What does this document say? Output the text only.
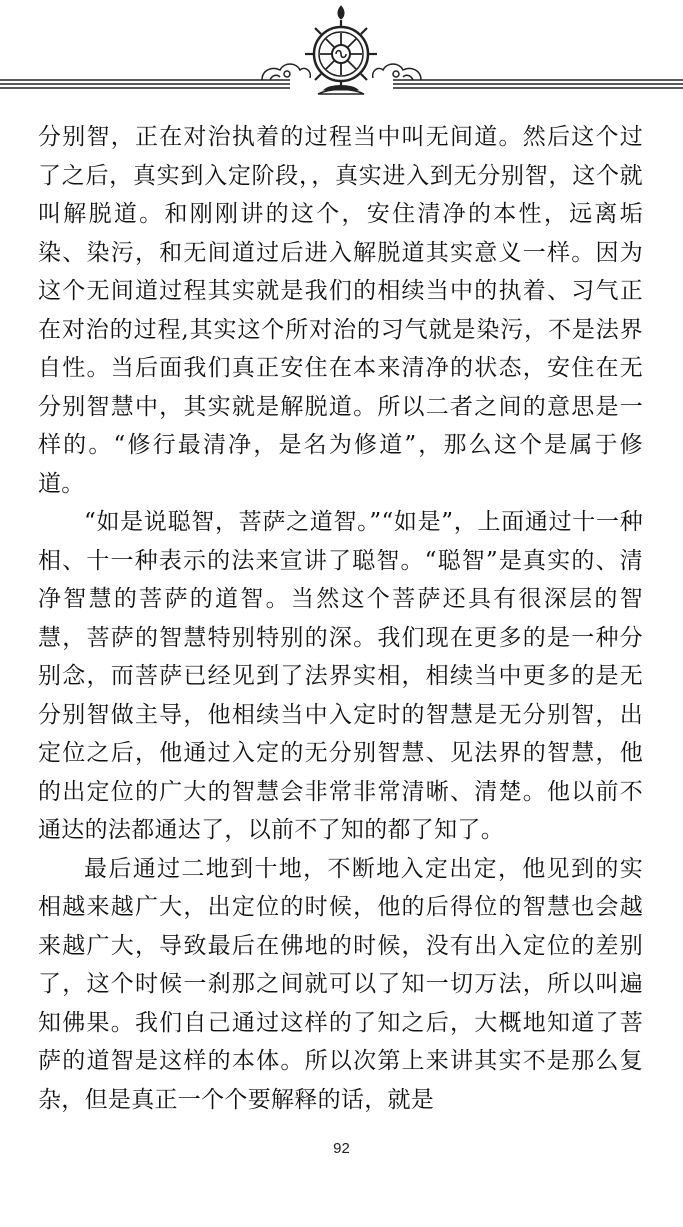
分别智，正在对治执着的过程当中叫无间道。然后这个过了之后，真实到入定阶段，，真实进入到无分别智，这个就叫解脱道。和刚刚讲的这个，安住清净的本性，远离垢染、染污，和无间道过后进入解脱道其实意义一样。因为这个无间道过程其实就是我们的相续当中的执着、习气正在对治的过程,其实这个所对治的习气就是染污，不是法界自性。当后面我们真正安住在本来清净的状态，安住在无分别智慧中，其实就是解脱道。所以二者之间的意思是一样的。“修行最清净，是名为修道”，那么这个是属于修道。

“如是说聪智，菩萨之道智。”“如是”，上面通过十一种相、十一种表示的法来宣讲了聪智。“聪智”是真实的、清净智慧的菩萨的道智。当然这个菩萨还具有很深层的智慧，菩萨的智慧特别特别的深。我们现在更多的是一种分别念，而菩萨已经见到了法界实相，相续当中更多的是无分别智做主导，他相续当中入定时的智慧是无分别智，出定位之后，他通过入定的无分别智慧、见法界的智慧，他的出定位的广大的智慧会非常非常清晰、清楚。他以前不通达的法都通达了，以前不了知的都了知了。

最后通过二地到十地，不断地入定出定，他见到的实相越来越广大，出定位的时候，他的后得位的智慧也会越来越广大，导致最后在佛地的时候，没有出入定位的差别了，这个时候一刹那之间就可以了知一切万法，所以叫遍知佛果。我们自己通过这样的了知之后，大概地知道了菩萨的道智是这样的本体。所以次第上来讲其实不是那么复杂，但是真正一个个要解释的话，就是

92
